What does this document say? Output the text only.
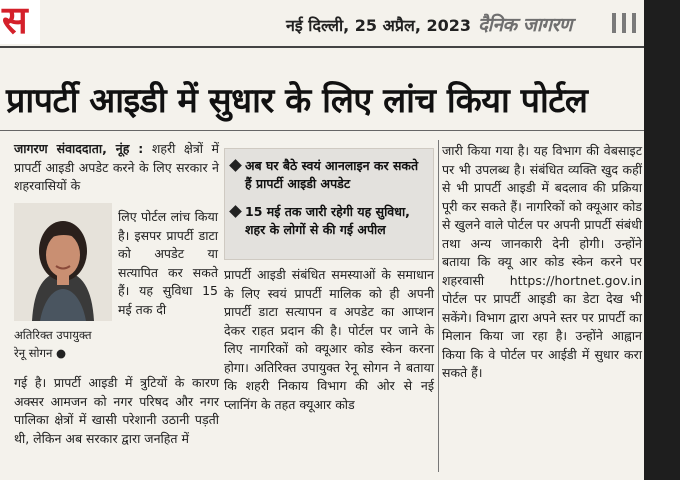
स	नई दिल्ली, 25 अप्रैल, 2023 दैनिक जागरण
प्रापर्टी आइडी में सुधार के लिए लांच किया पोर्टल
जागरण संवाददाता, नूंह : शहरी क्षेत्रों में प्रापर्टी आइडी अपडेट करने के लिए सरकार ने शहरवासियों के
लिए पोर्टल लांच किया है। इसपर प्रापर्टी डाटा को अपडेट या सत्यापित कर सकते हैं। यह सुविधा 15 मई तक दी
अतिरिक्त उपायुक्त
रेनू सोगन ●
गई है। प्रापर्टी आइडी में त्रुटियों के कारण अक्सर आमजन को नगर परिषद और नगर पालिका क्षेत्रों में खासी परेशानी उठानी पड़ती थी, लेकिन अब सरकार द्वारा जनहित में
अब घर बैठे स्वयं आनलाइन कर सकते हैं प्रापर्टी आइडी अपडेट
15 मई तक जारी रहेगी यह सुविधा, शहर के लोगों से की गई अपील
प्रापर्टी आइडी संबंधित समस्याओं के समाधान के लिए स्वयं प्रापर्टी मालिक को ही अपनी प्रापर्टी डाटा सत्यापन व अपडेट का आप्शन देकर राहत प्रदान की है। पोर्टल पर जाने के लिए नागरिकों को क्यूआर कोड स्केन करना होगा। अतिरिक्त उपायुक्त रेनू सोगन ने बताया कि शहरी निकाय विभाग की ओर से नई प्लानिंग के तहत क्यूआर कोड
जारी किया गया है। यह विभाग की वेबसाइट पर भी उपलब्ध है। संबंधित व्यक्ति खुद कहीं से भी प्रापर्टी आइडी में बदलाव की प्रक्रिया पूरी कर सकते हैं। नागरिकों को क्यूआर कोड से खुलने वाले पोर्टल पर अपनी प्रापर्टी संबंधी तथा अन्य जानकारी देनी होगी। उन्होंने बताया कि क्यू आर कोड स्केन करने पर शहरवासी https://hortnet.gov.in पोर्टल पर प्रापर्टी आइडी का डेटा देख भी सकेंगे। विभाग द्वारा अपने स्तर पर प्रापर्टी का मिलान किया जा रहा है। उन्होंने आह्वान किया कि वे पोर्टल पर आईडी में सुधार करा सकते हैं।
